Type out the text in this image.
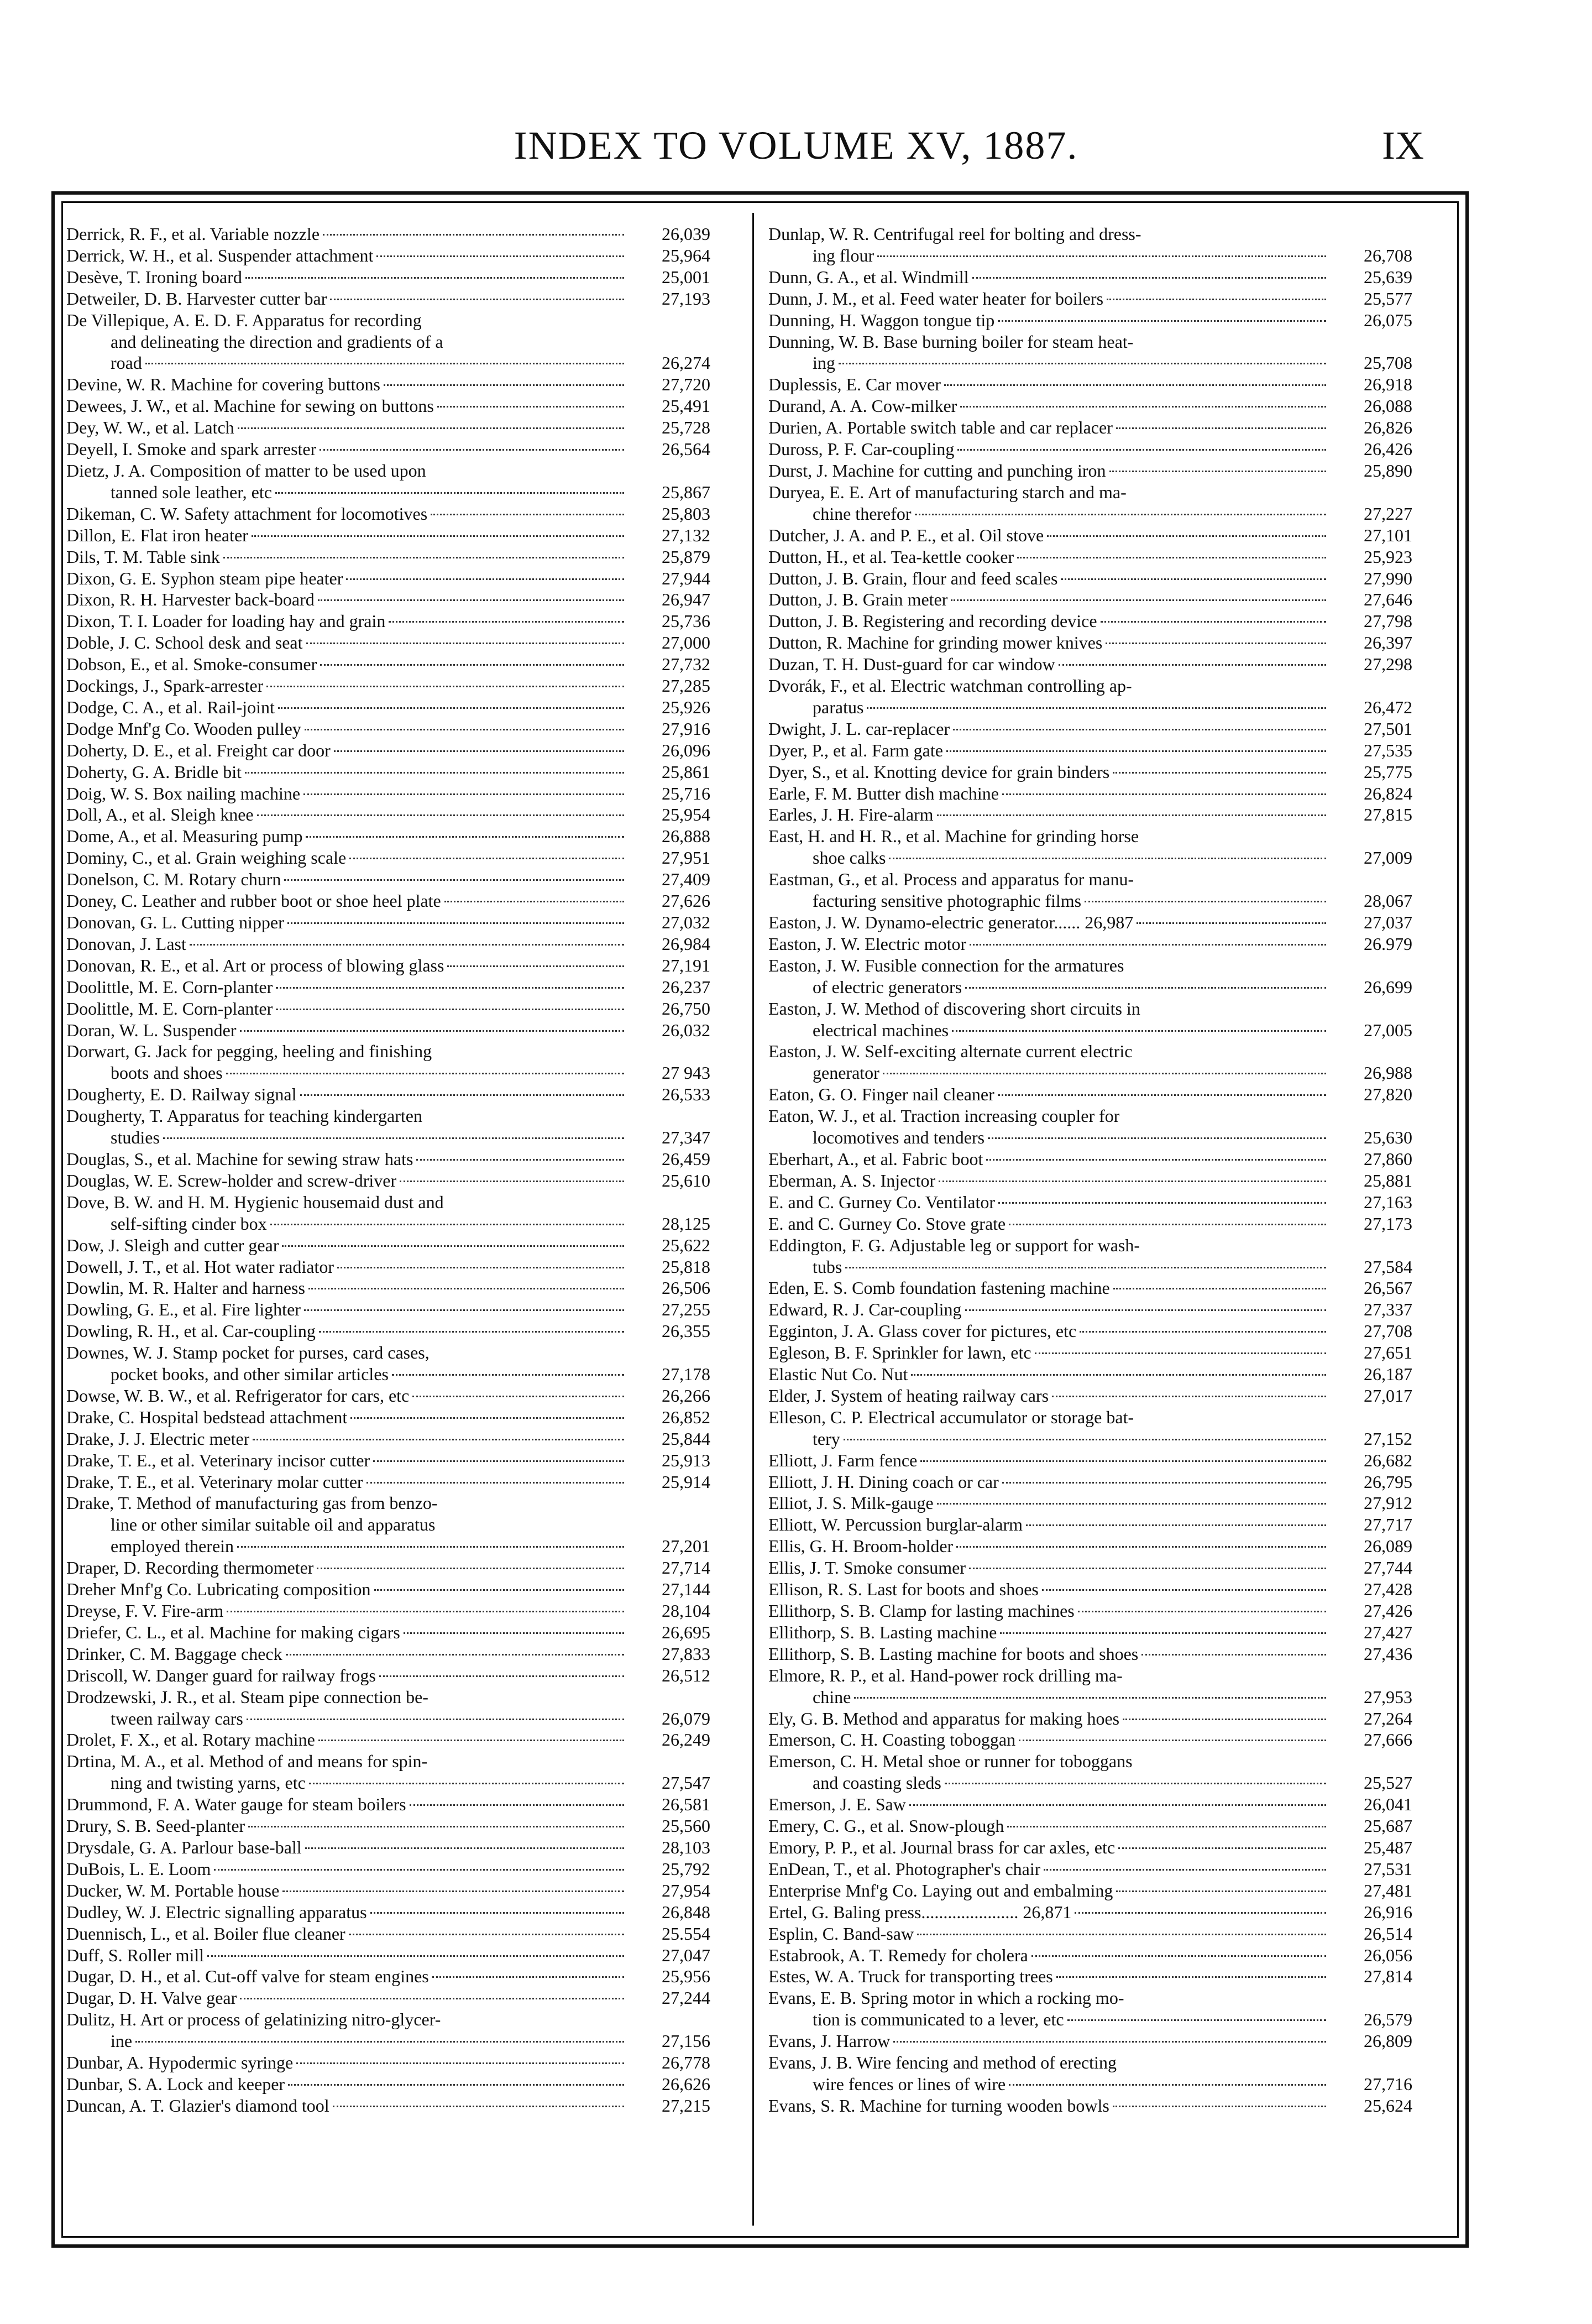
INDEX TO VOLUME XV, 1887.	IX
Derrick, R. F., et al. Variable nozzle	26,039
Derrick, W. H., et al. Suspender attachment	25,964
Desève, T. Ironing board	25,001
Detweiler, D. B. Harvester cutter bar	27,193
De Villepique, A. E. D. F. Apparatus for recording
and delineating the direction and gradients of a
road	26,274
Devine, W. R. Machine for covering buttons	27,720
Dewees, J. W., et al. Machine for sewing on buttons	25,491
Dey, W. W., et al. Latch	25,728
Deyell, I. Smoke and spark arrester	26,564
Dietz, J. A. Composition of matter to be used upon
tanned sole leather, etc	25,867
Dikeman, C. W. Safety attachment for locomotives	25,803
Dillon, E. Flat iron heater	27,132
Dils, T. M. Table sink	25,879
Dixon, G. E. Syphon steam pipe heater	27,944
Dixon, R. H. Harvester back-board	26,947
Dixon, T. I. Loader for loading hay and grain	25,736
Doble, J. C. School desk and seat	27,000
Dobson, E., et al. Smoke-consumer	27,732
Dockings, J., Spark-arrester	27,285
Dodge, C. A., et al. Rail-joint	25,926
Dodge Mnf'g Co. Wooden pulley	27,916
Doherty, D. E., et al. Freight car door	26,096
Doherty, G. A. Bridle bit	25,861
Doig, W. S. Box nailing machine	25,716
Doll, A., et al. Sleigh knee	25,954
Dome, A., et al. Measuring pump	26,888
Dominy, C., et al. Grain weighing scale	27,951
Donelson, C. M. Rotary churn	27,409
Doney, C. Leather and rubber boot or shoe heel plate	27,626
Donovan, G. L. Cutting nipper	27,032
Donovan, J. Last	26,984
Donovan, R. E., et al. Art or process of blowing glass	27,191
Doolittle, M. E. Corn-planter	26,237
Doolittle, M. E. Corn-planter	26,750
Doran, W. L. Suspender	26,032
Dorwart, G. Jack for pegging, heeling and finishing
boots and shoes	27 943
Dougherty, E. D. Railway signal	26,533
Dougherty, T. Apparatus for teaching kindergarten
studies	27,347
Douglas, S., et al. Machine for sewing straw hats	26,459
Douglas, W. E. Screw-holder and screw-driver	25,610
Dove, B. W. and H. M. Hygienic housemaid dust and
self-sifting cinder box	28,125
Dow, J. Sleigh and cutter gear	25,622
Dowell, J. T., et al. Hot water radiator	25,818
Dowlin, M. R. Halter and harness	26,506
Dowling, G. E., et al. Fire lighter	27,255
Dowling, R. H., et al. Car-coupling	26,355
Downes, W. J. Stamp pocket for purses, card cases,
pocket books, and other similar articles	27,178
Dowse, W. B. W., et al. Refrigerator for cars, etc	26,266
Drake, C. Hospital bedstead attachment	26,852
Drake, J. J. Electric meter	25,844
Drake, T. E., et al. Veterinary incisor cutter	25,913
Drake, T. E., et al. Veterinary molar cutter	25,914
Drake, T. Method of manufacturing gas from benzo-
line or other similar suitable oil and apparatus
employed therein	27,201
Draper, D. Recording thermometer	27,714
Dreher Mnf'g Co. Lubricating composition	27,144
Dreyse, F. V. Fire-arm	28,104
Driefer, C. L., et al. Machine for making cigars	26,695
Drinker, C. M. Baggage check	27,833
Driscoll, W. Danger guard for railway frogs	26,512
Drodzewski, J. R., et al. Steam pipe connection be-
tween railway cars	26,079
Drolet, F. X., et al. Rotary machine	26,249
Drtina, M. A., et al. Method of and means for spin-
ning and twisting yarns, etc	27,547
Drummond, F. A. Water gauge for steam boilers	26,581
Drury, S. B. Seed-planter	25,560
Drysdale, G. A. Parlour base-ball	28,103
DuBois, L. E. Loom	25,792
Ducker, W. M. Portable house	27,954
Dudley, W. J. Electric signalling apparatus	26,848
Duennisch, L., et al. Boiler flue cleaner	25.554
Duff, S. Roller mill	27,047
Dugar, D. H., et al. Cut-off valve for steam engines	25,956
Dugar, D. H. Valve gear	27,244
Dulitz, H. Art or process of gelatinizing nitro-glycer-
ine	27,156
Dunbar, A. Hypodermic syringe	26,778
Dunbar, S. A. Lock and keeper	26,626
Duncan, A. T. Glazier's diamond tool	27,215
Dunlap, W. R. Centrifugal reel for bolting and dress-
ing flour	26,708
Dunn, G. A., et al. Windmill	25,639
Dunn, J. M., et al. Feed water heater for boilers	25,577
Dunning, H. Waggon tongue tip	26,075
Dunning, W. B. Base burning boiler for steam heat-
ing	25,708
Duplessis, E. Car mover	26,918
Durand, A. A. Cow-milker	26,088
Durien, A. Portable switch table and car replacer	26,826
Duross, P. F. Car-coupling	26,426
Durst, J. Machine for cutting and punching iron	25,890
Duryea, E. E. Art of manufacturing starch and ma-
chine therefor	27,227
Dutcher, J. A. and P. E., et al. Oil stove	27,101
Dutton, H., et al. Tea-kettle cooker	25,923
Dutton, J. B. Grain, flour and feed scales	27,990
Dutton, J. B. Grain meter	27,646
Dutton, J. B. Registering and recording device	27,798
Dutton, R. Machine for grinding mower knives	26,397
Duzan, T. H. Dust-guard for car window	27,298
Dvorák, F., et al. Electric watchman controlling ap-
paratus	26,472
Dwight, J. L. car-replacer	27,501
Dyer, P., et al. Farm gate	27,535
Dyer, S., et al. Knotting device for grain binders	25,775
Earle, F. M. Butter dish machine	26,824
Earles, J. H. Fire-alarm	27,815
East, H. and H. R., et al. Machine for grinding horse
shoe calks	27,009
Eastman, G., et al. Process and apparatus for manu-
facturing sensitive photographic films	28,067
Easton, J. W. Dynamo-electric generator...... 26,987	27,037
Easton, J. W. Electric motor	26.979
Easton, J. W. Fusible connection for the armatures
of electric generators	26,699
Easton, J. W. Method of discovering short circuits in
electrical machines	27,005
Easton, J. W. Self-exciting alternate current electric
generator	26,988
Eaton, G. O. Finger nail cleaner	27,820
Eaton, W. J., et al. Traction increasing coupler for
locomotives and tenders	25,630
Eberhart, A., et al. Fabric boot	27,860
Eberman, A. S. Injector	25,881
E. and C. Gurney Co. Ventilator	27,163
E. and C. Gurney Co. Stove grate	27,173
Eddington, F. G. Adjustable leg or support for wash-
tubs	27,584
Eden, E. S. Comb foundation fastening machine	26,567
Edward, R. J. Car-coupling	27,337
Egginton, J. A. Glass cover for pictures, etc	27,708
Egleson, B. F. Sprinkler for lawn, etc	27,651
Elastic Nut Co. Nut	26,187
Elder, J. System of heating railway cars	27,017
Elleson, C. P. Electrical accumulator or storage bat-
tery	27,152
Elliott, J. Farm fence	26,682
Elliott, J. H. Dining coach or car	26,795
Elliot, J. S. Milk-gauge	27,912
Elliott, W. Percussion burglar-alarm	27,717
Ellis, G. H. Broom-holder	26,089
Ellis, J. T. Smoke consumer	27,744
Ellison, R. S. Last for boots and shoes	27,428
Ellithorp, S. B. Clamp for lasting machines	27,426
Ellithorp, S. B. Lasting machine	27,427
Ellithorp, S. B. Lasting machine for boots and shoes	27,436
Elmore, R. P., et al. Hand-power rock drilling ma-
chine	27,953
Ely, G. B. Method and apparatus for making hoes	27,264
Emerson, C. H. Coasting toboggan	27,666
Emerson, C. H. Metal shoe or runner for toboggans
and coasting sleds	25,527
Emerson, J. E. Saw	26,041
Emery, C. G., et al. Snow-plough	25,687
Emory, P. P., et al. Journal brass for car axles, etc	25,487
EnDean, T., et al. Photographer's chair	27,531
Enterprise Mnf'g Co. Laying out and embalming	27,481
Ertel, G. Baling press...................... 26,871	26,916
Esplin, C. Band-saw	26,514
Estabrook, A. T. Remedy for cholera	26,056
Estes, W. A. Truck for transporting trees	27,814
Evans, E. B. Spring motor in which a rocking mo-
tion is communicated to a lever, etc	26,579
Evans, J. Harrow	26,809
Evans, J. B. Wire fencing and method of erecting
wire fences or lines of wire	27,716
Evans, S. R. Machine for turning wooden bowls	25,624
